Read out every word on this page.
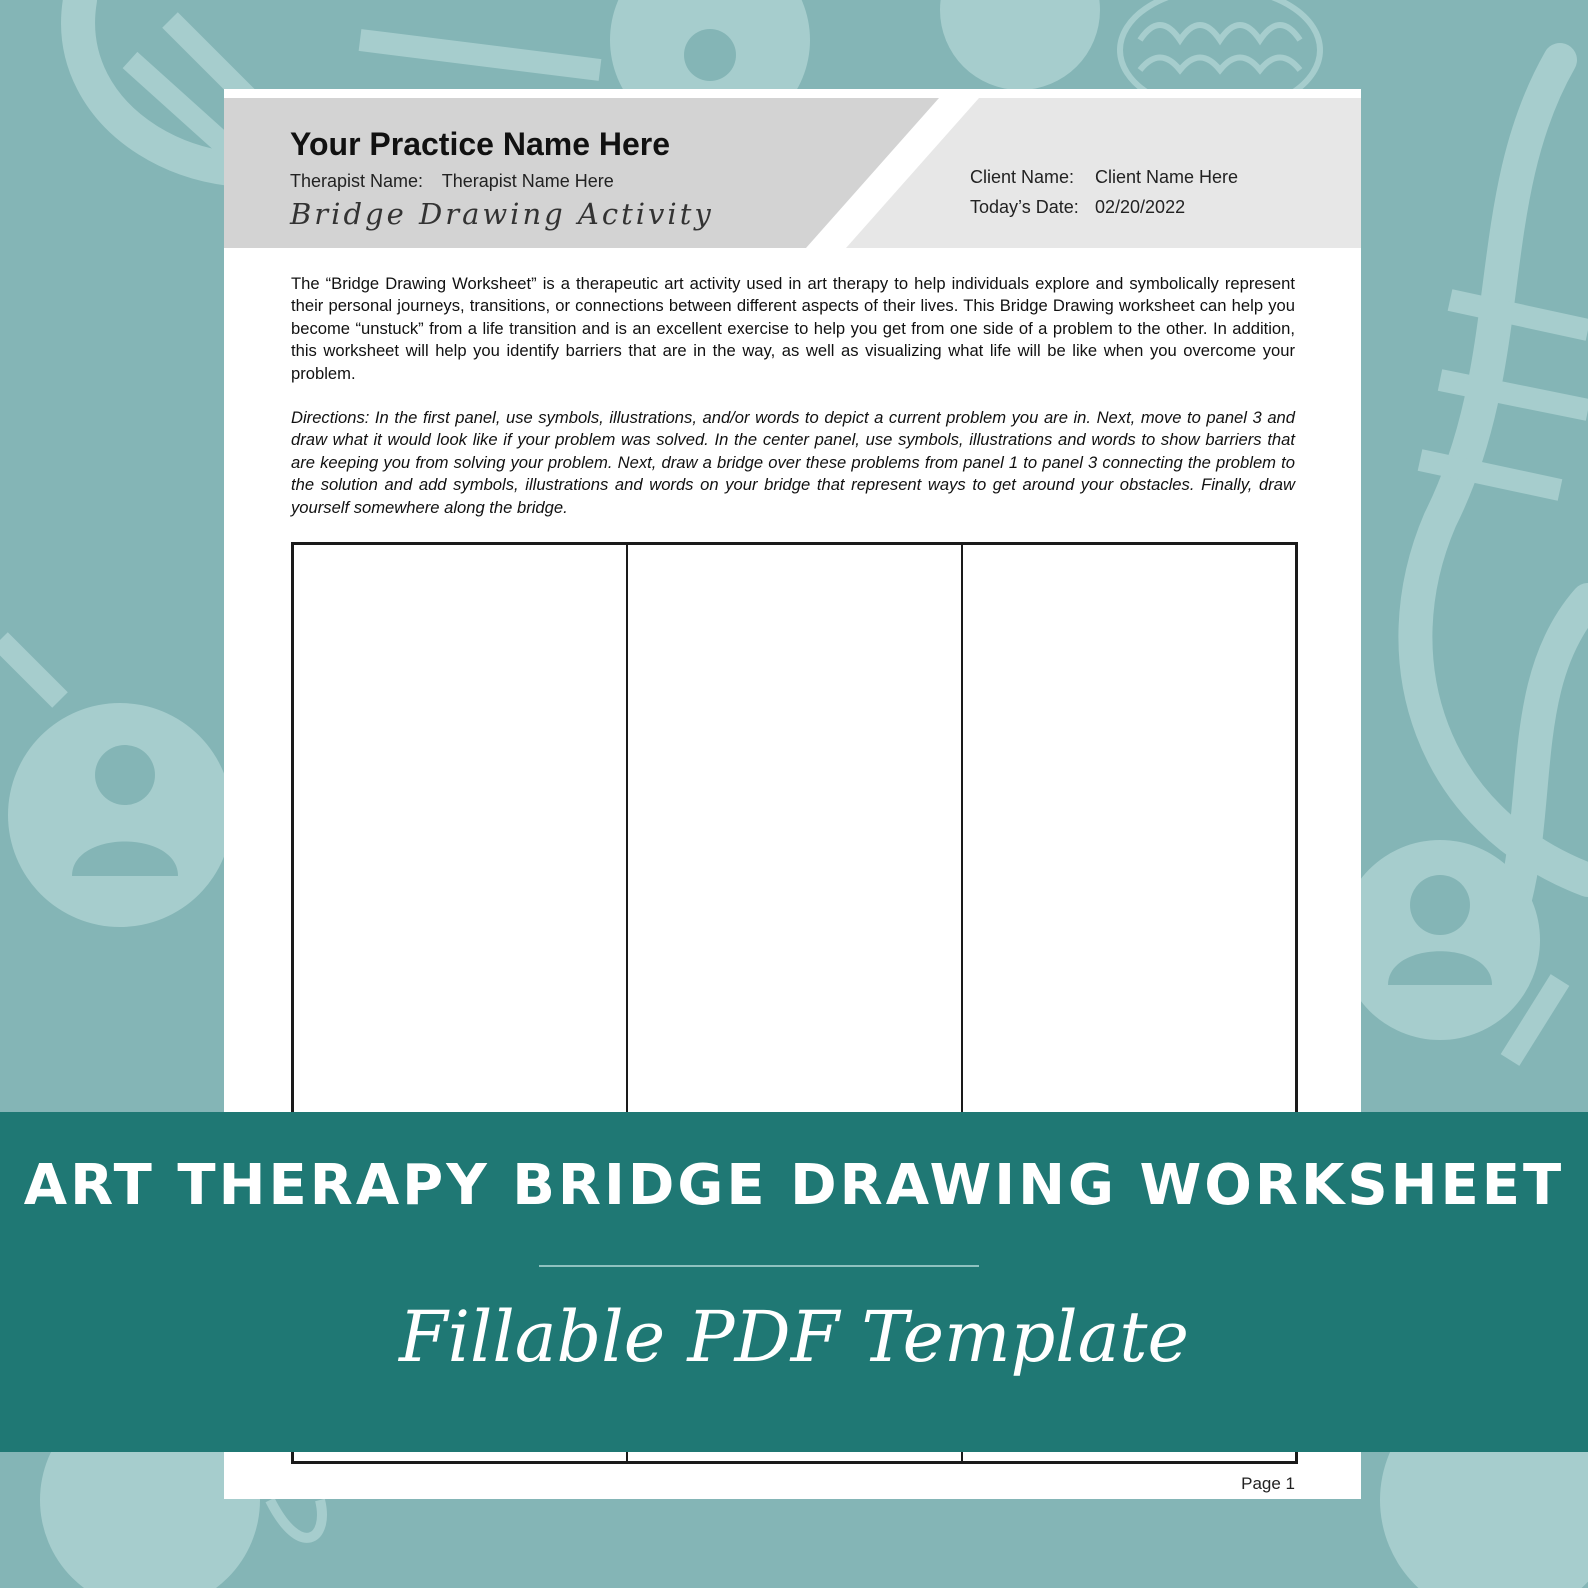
Your Practice Name Here
Therapist Name: Therapist Name Here
Bridge Drawing Activity
Client Name:	Client Name Here
Today’s Date: 02/20/2022

The “Bridge Drawing Worksheet” is a therapeutic art activity used in art therapy to help individuals explore and symbolically represent their personal journeys, transitions, or connections between different aspects of their lives. This Bridge Drawing worksheet can help you become “unstuck” from a life transition and is an excellent exercise to help you get from one side of a problem to the other. In addition, this worksheet will help you identify barriers that are in the way, as well as visualizing what life will be like when you overcome your problem.

Directions: In the first panel, use symbols, illustrations, and/or words to depict a current problem you are in. Next, move to panel 3 and draw what it would look like if your problem was solved. In the center panel, use symbols, illustrations and words to show barriers that are keeping you from solving your problem. Next, draw a bridge over these problems from panel 1 to panel 3 connecting the problem to the solution and add symbols, illustrations and words on your bridge that represent ways to get around your obstacles. Finally, draw yourself somewhere along the bridge.

Page 1
ART THERAPY BRIDGE DRAWING WORKSHEET
Fillable PDF Template
